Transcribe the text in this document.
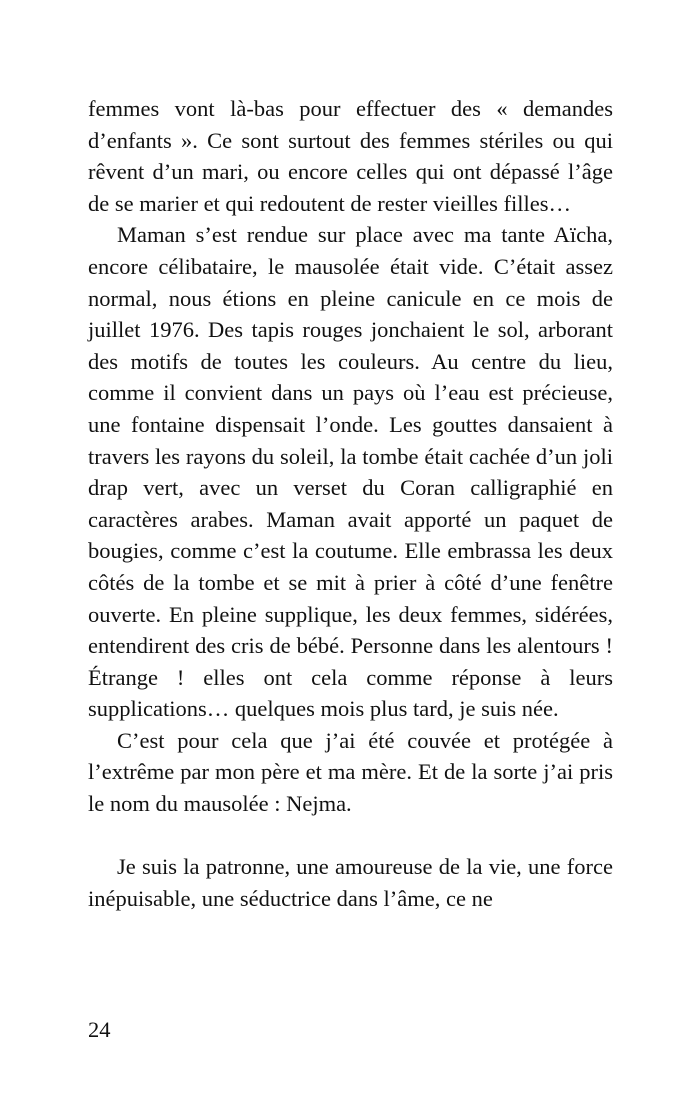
femmes vont là-bas pour effectuer des « demandes d’enfants ». Ce sont surtout des femmes stériles ou qui rêvent d’un mari, ou encore celles qui ont dépassé l’âge de se marier et qui redoutent de rester vieilles filles…

Maman s’est rendue sur place avec ma tante Aïcha, encore célibataire, le mausolée était vide. C’était assez normal, nous étions en pleine canicule en ce mois de juillet 1976. Des tapis rouges jonchaient le sol, arborant des motifs de toutes les couleurs. Au centre du lieu, comme il convient dans un pays où l’eau est précieuse, une fontaine dispensait l’onde. Les gouttes dansaient à travers les rayons du soleil, la tombe était cachée d’un joli drap vert, avec un verset du Coran calligraphié en caractères arabes. Maman avait apporté un paquet de bougies, comme c’est la coutume. Elle embrassa les deux côtés de la tombe et se mit à prier à côté d’une fenêtre ouverte. En pleine supplique, les deux femmes, sidérées, entendirent des cris de bébé. Personne dans les alentours ! Étrange ! elles ont cela comme réponse à leurs supplications… quelques mois plus tard, je suis née.

C’est pour cela que j’ai été couvée et protégée à l’extrême par mon père et ma mère. Et de la sorte j’ai pris le nom du mausolée : Nejma.

Je suis la patronne, une amoureuse de la vie, une force inépuisable, une séductrice dans l’âme, ce ne

24
